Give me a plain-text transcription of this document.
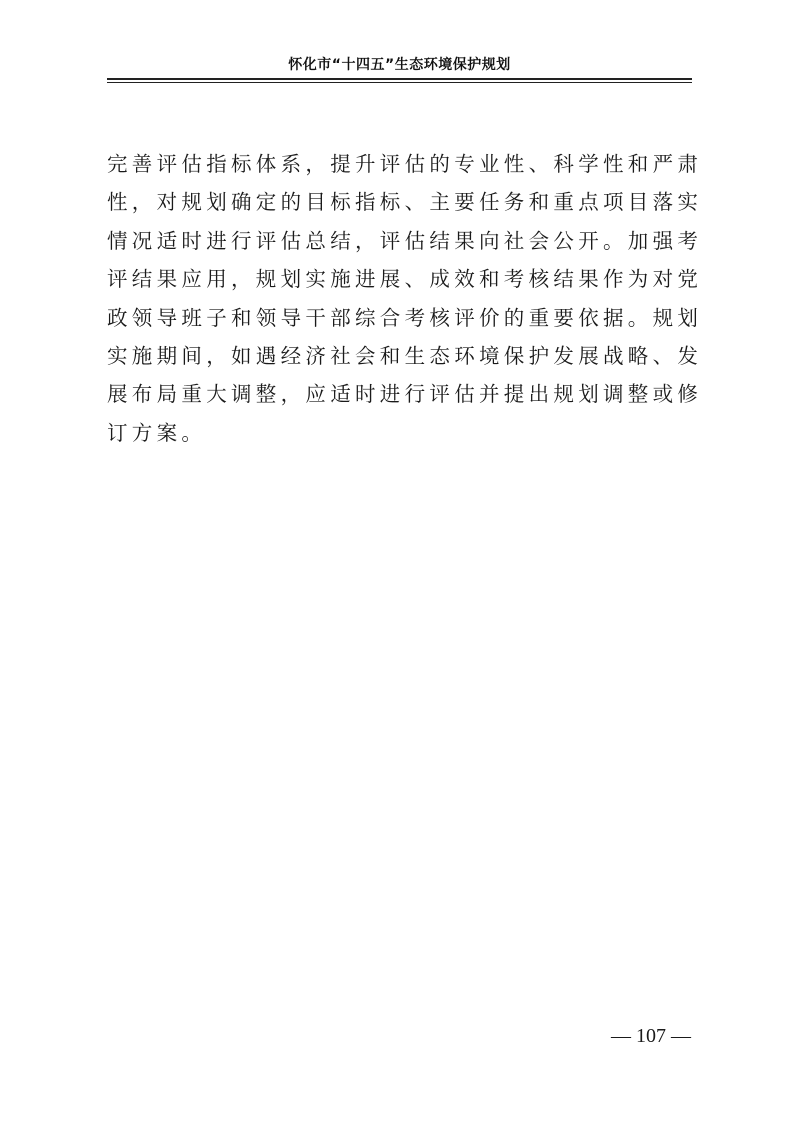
怀化市“十四五”生态环境保护规划
完善评估指标体系，提升评估的专业性、科学性和严肃
性，对规划确定的目标指标、主要任务和重点项目落实
情况适时进行评估总结，评估结果向社会公开。加强考
评结果应用，规划实施进展、成效和考核结果作为对党
政领导班子和领导干部综合考核评价的重要依据。规划
实施期间，如遇经济社会和生态环境保护发展战略、发
展布局重大调整，应适时进行评估并提出规划调整或修
订方案。
— 107 —
